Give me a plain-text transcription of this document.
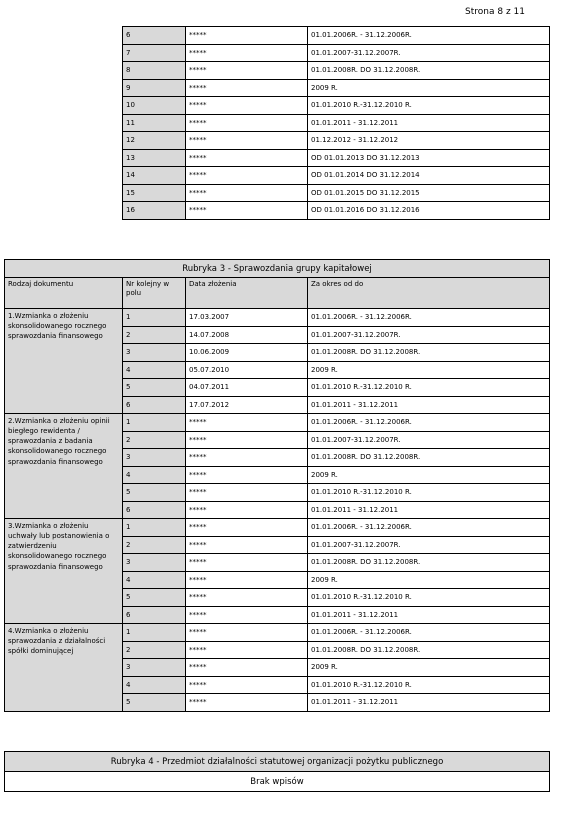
Strona 8 z 11
6	*****	01.01.2006R. - 31.12.2006R.
7	*****	01.01.2007-31.12.2007R.
8	*****	01.01.2008R. DO 31.12.2008R.
9	*****	2009 R.
10	*****	01.01.2010 R.-31.12.2010 R.
11	*****	01.01.2011 - 31.12.2011
12	*****	01.12.2012 - 31.12.2012
13	*****	OD 01.01.2013 DO 31.12.2013
14	*****	OD 01.01.2014 DO 31.12.2014
15	*****	OD 01.01.2015 DO 31.12.2015
16	*****	OD 01.01.2016 DO 31.12.2016
Rubryka 3 - Sprawozdania grupy kapitałowej			
Rodzaj dokumentu	Nr kolejny w polu	Data złożenia	Za okres od do
1.Wzmianka o złożeniu skonsolidowanego rocznego sprawozdania finansowego	1	17.03.2007	01.01.2006R. - 31.12.2006R.
	2	14.07.2008	01.01.2007-31.12.2007R.
	3	10.06.2009	01.01.2008R. DO 31.12.2008R.
	4	05.07.2010	2009 R.
	5	04.07.2011	01.01.2010 R.-31.12.2010 R.
	6	17.07.2012	01.01.2011 - 31.12.2011
2.Wzmianka o złożeniu opinii biegłego rewidenta / sprawozdania z badania skonsolidowanego rocznego sprawozdania finansowego	1	*****	01.01.2006R. - 31.12.2006R.
	2	*****	01.01.2007-31.12.2007R.
	3	*****	01.01.2008R. DO 31.12.2008R.
	4	*****	2009 R.
	5	*****	01.01.2010 R.-31.12.2010 R.
	6	*****	01.01.2011 - 31.12.2011
3.Wzmianka o złożeniu uchwały lub postanowienia o zatwierdzeniu skonsolidowanego rocznego sprawozdania finansowego	1	*****	01.01.2006R. - 31.12.2006R.
	2	*****	01.01.2007-31.12.2007R.
	3	*****	01.01.2008R. DO 31.12.2008R.
	4	*****	2009 R.
	5	*****	01.01.2010 R.-31.12.2010 R.
	6	*****	01.01.2011 - 31.12.2011
4.Wzmianka o złożeniu sprawozdania z działalności spółki dominującej	1	*****	01.01.2006R. - 31.12.2006R.
	2	*****	01.01.2008R. DO 31.12.2008R.
	3	*****	2009 R.
	4	*****	01.01.2010 R.-31.12.2010 R.
	5	*****	01.01.2011 - 31.12.2011
Rubryka 4 - Przedmiot działalności statutowej organizacji pożytku publicznego
Brak wpisów
